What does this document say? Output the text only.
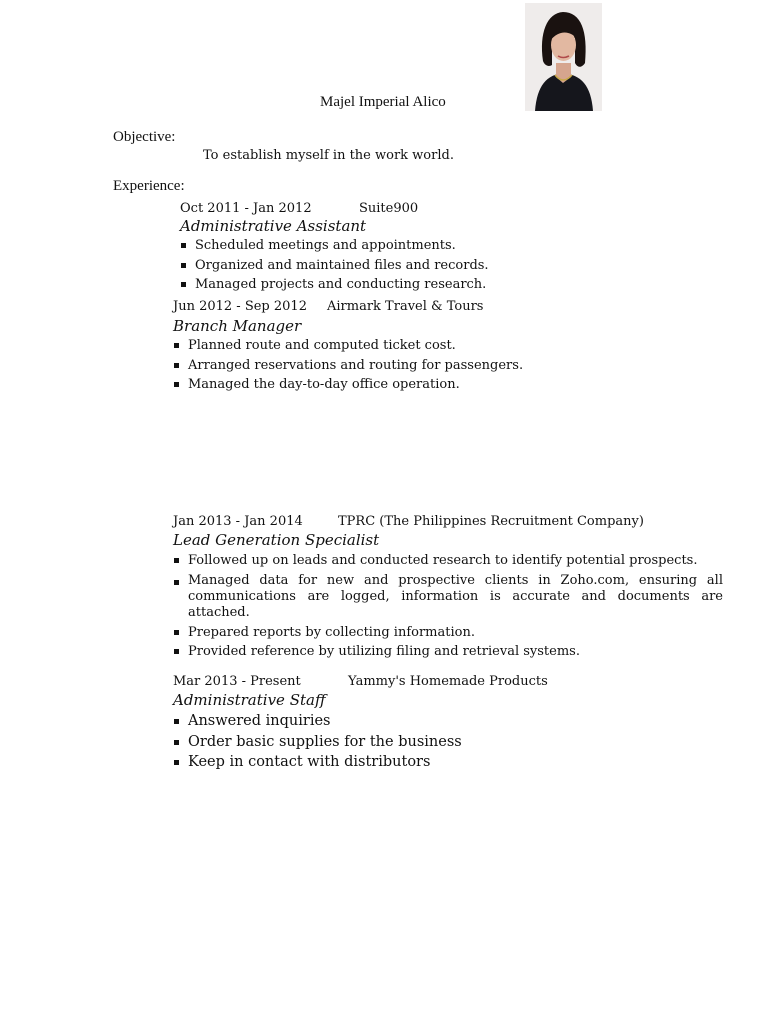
Majel Imperial Alico
Objective:
To establish myself in the work world.
Experience:
Oct 2011 - Jan 2012	Suite900
Administrative Assistant
Scheduled meetings and appointments.
Organized and maintained files and records.
Managed projects and conducting research.
Jun 2012 - Sep 2012 Airmark Travel & Tours
Branch Manager
Planned route and computed ticket cost.
Arranged reservations and routing for passengers.
Managed the day-to-day office operation.
Jan 2013 - Jan 2014	TPRC (The Philippines Recruitment Company)
Lead Generation Specialist
Followed up on leads and conducted research to identify potential prospects.
Managed data for new and prospective clients in Zoho.com, ensuring all communications are logged, information is accurate and documents are attached.
Prepared reports by collecting information.
Provided reference by utilizing filing and retrieval systems.
Mar 2013 - Present	Yammy's Homemade Products
Administrative Staff
Answered inquiries
Order basic supplies for the business
Keep in contact with distributors
